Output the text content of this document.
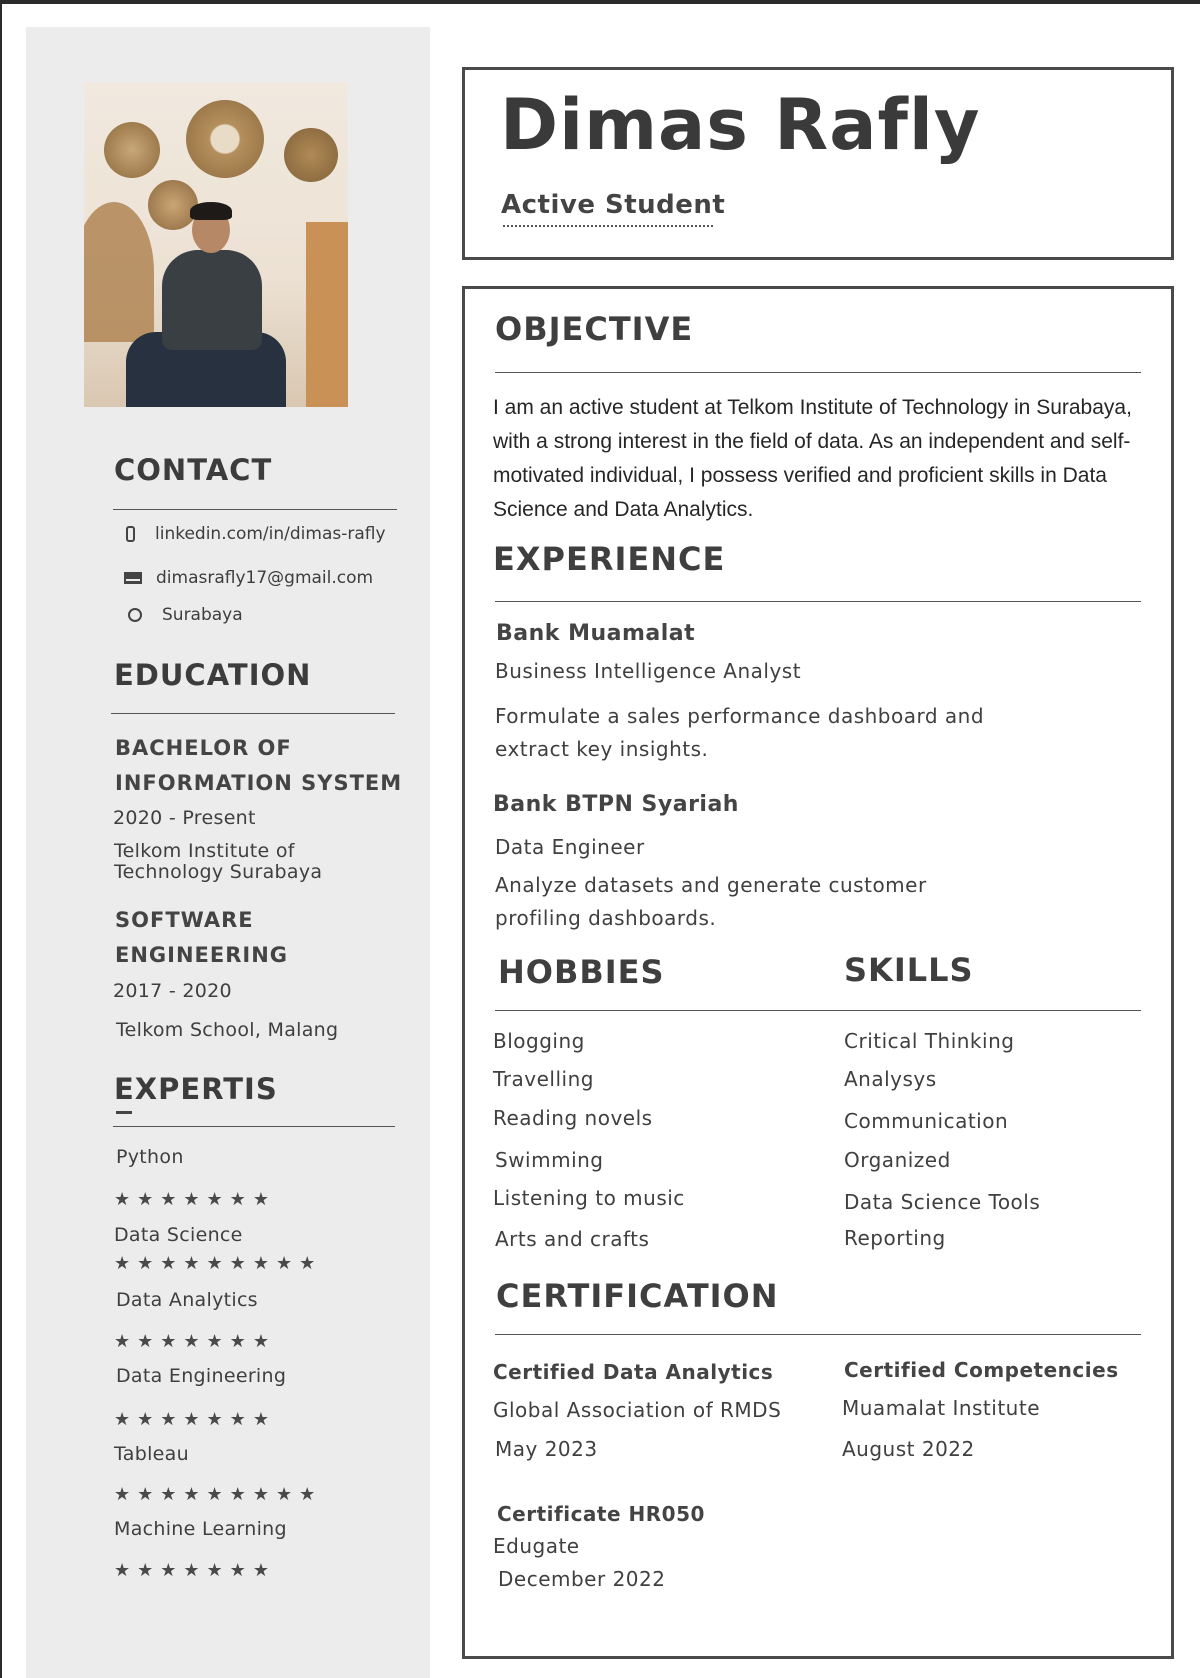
CONTACT
linkedin.com/in/dimas-rafly
dimasrafly17@gmail.com
Surabaya
EDUCATION
BACHELOR OF INFORMATION SYSTEM
2020 - Present
Telkom Institute of Technology Surabaya
SOFTWARE ENGINEERING
2017 - 2020
Telkom School, Malang
EXPERTIS
Python
★★★★★★★
Data Science
★★★★★★★★★
Data Analytics
★★★★★★★
Data Engineering
★★★★★★★
Tableau
★★★★★★★★★
Machine Learning
★★★★★★★
Dimas Rafly
Active Student
OBJECTIVE
I am an active student at Telkom Institute of Technology in Surabaya, with a strong interest in the field of data. As an independent and self-motivated individual, I possess verified and proficient skills in Data Science and Data Analytics.
EXPERIENCE
Bank Muamalat
Business Intelligence Analyst
Formulate a sales performance dashboard and extract key insights.
Bank BTPN Syariah
Data Engineer
Analyze datasets and generate customer profiling dashboards.
HOBBIES	SKILLS
Blogging
Travelling
Reading novels
Swimming
Listening to music
Arts and crafts
Critical Thinking
Analysys
Communication
Organized
Data Science Tools
Reporting
CERTIFICATION
Certified Data Analytics
Global Association of RMDS
May 2023
Certified Competencies
Muamalat Institute
August 2022
Certificate HR050
Edugate
December 2022
